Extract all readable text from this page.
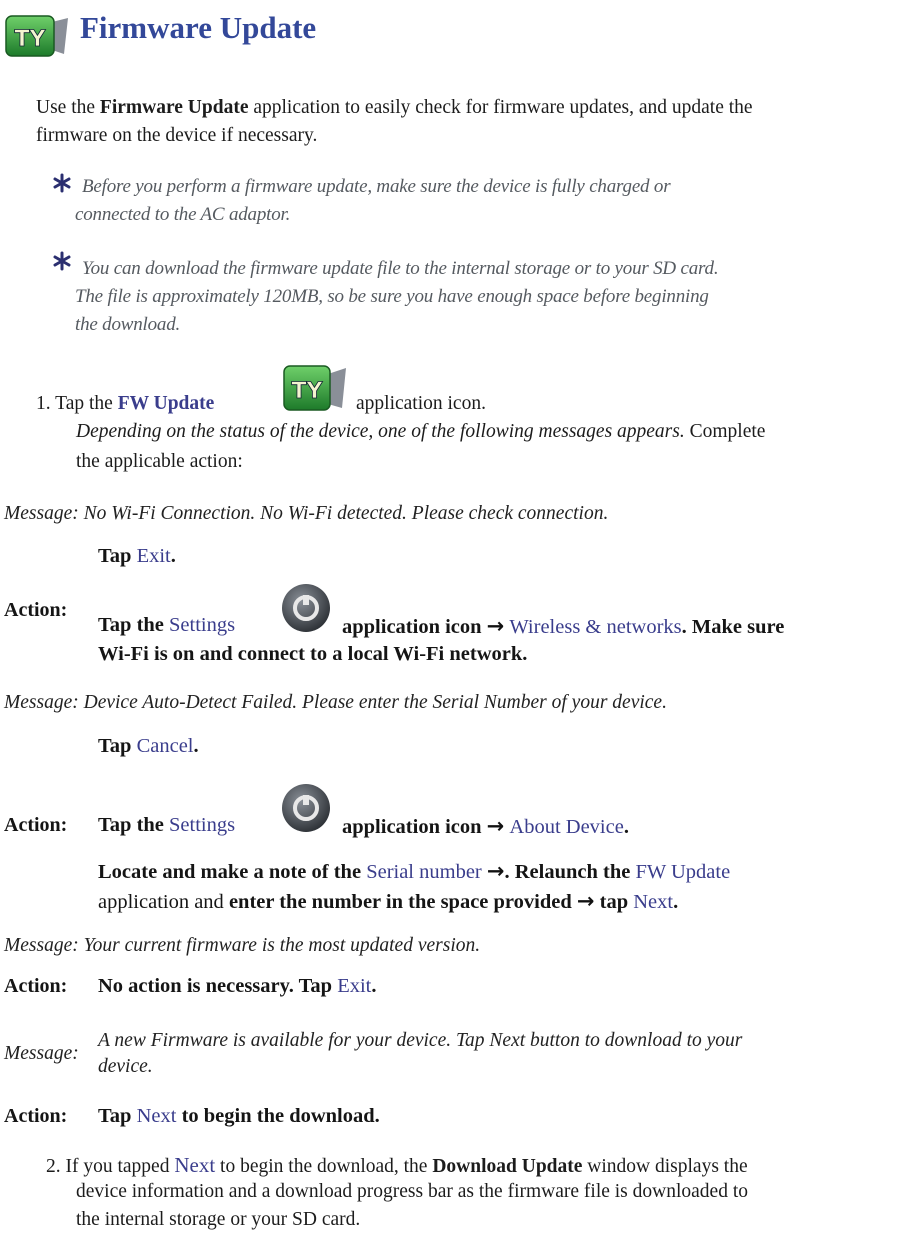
TY Firmware Update
Use the Firmware Update application to easily check for firmware updates, and update the
firmware on the device if necessary.
Before you perform a firmware update, make sure the device is fully charged or
connected to the AC adaptor.
You can download the firmware update file to the internal storage or to your SD card.
The file is approximately 120MB, so be sure you have enough space before beginning
the download.
1. Tap the FW Update	TY application icon.
Depending on the status of the device, one of the following messages appears. Complete
the applicable action:
Message: No Wi-Fi Connection. No Wi-Fi detected. Please check connection.
Tap Exit.
Action:
Tap the Settings	application icon → Wireless & networks. Make sure
Wi-Fi is on and connect to a local Wi-Fi network.
Message: Device Auto-Detect Failed. Please enter the Serial Number of your device.
Tap Cancel.
Action: Tap the Settings	application icon → About Device.
Locate and make a note of the Serial number →. Relaunch the FW Update
application and enter the number in the space provided → tap Next.
Message: Your current firmware is the most updated version.
Action: No action is necessary. Tap Exit.
Message:
A new Firmware is available for your device. Tap Next button to download to your
device.
Action: Tap Next to begin the download.
2. If you tapped Next to begin the download, the Download Update window displays the
device information and a download progress bar as the firmware file is downloaded to
the internal storage or your SD card.
